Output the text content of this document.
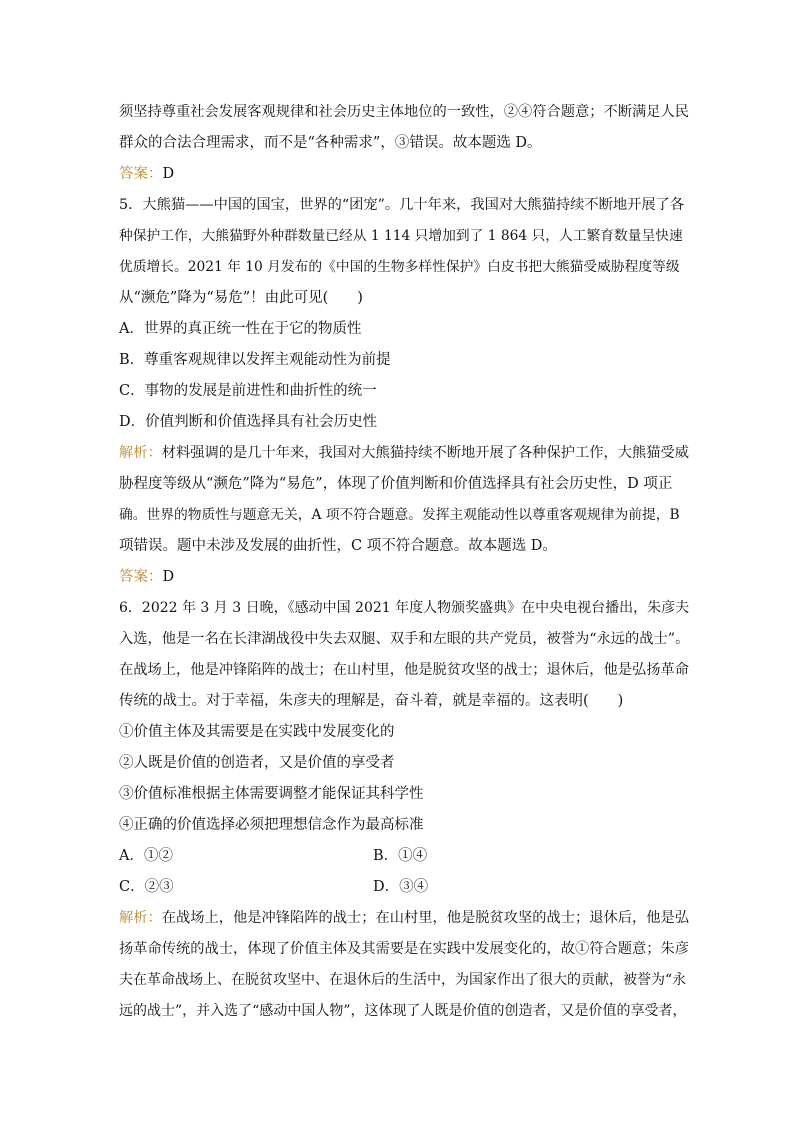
须坚持尊重社会发展客观规律和社会历史主体地位的一致性，②④符合题意；不断满足人民
群众的合法合理需求，而不是“各种需求”，③错误。故本题选 D。
答案：D
5．大熊猫——中国的国宝，世界的“团宠”。几十年来，我国对大熊猫持续不断地开展了各
种保护工作，大熊猫野外种群数量已经从 1 114 只增加到了 1 864 只，人工繁育数量呈快速
优质增长。2021 年 10 月发布的《中国的生物多样性保护》白皮书把大熊猫受威胁程度等级
从“濒危”降为“易危”！由此可见(　　)
A．世界的真正统一性在于它的物质性
B．尊重客观规律以发挥主观能动性为前提
C．事物的发展是前进性和曲折性的统一
D．价值判断和价值选择具有社会历史性
解析：材料强调的是几十年来，我国对大熊猫持续不断地开展了各种保护工作，大熊猫受威
胁程度等级从“濒危”降为“易危”，体现了价值判断和价值选择具有社会历史性，D 项正
确。世界的物质性与题意无关，A 项不符合题意。发挥主观能动性以尊重客观规律为前提，B
项错误。题中未涉及发展的曲折性，C 项不符合题意。故本题选 D。
答案：D
6．2022 年 3 月 3 日晚，《感动中国 2021 年度人物颁奖盛典》在中央电视台播出，朱彦夫
入选，他是一名在长津湖战役中失去双腿、双手和左眼的共产党员，被誉为“永远的战士”。
在战场上，他是冲锋陷阵的战士；在山村里，他是脱贫攻坚的战士；退休后，他是弘扬革命
传统的战士。对于幸福，朱彦夫的理解是，奋斗着，就是幸福的。这表明(　　)
①价值主体及其需要是在实践中发展变化的
②人既是价值的创造者，又是价值的享受者
③价值标准根据主体需要调整才能保证其科学性
④正确的价值选择必须把理想信念作为最高标准
A．①②	B．①④
C．②③	D．③④
解析：在战场上，他是冲锋陷阵的战士；在山村里，他是脱贫攻坚的战士；退休后，他是弘
扬革命传统的战士，体现了价值主体及其需要是在实践中发展变化的，故①符合题意；朱彦
夫在革命战场上、在脱贫攻坚中、在退休后的生活中，为国家作出了很大的贡献，被誉为“永
远的战士”，并入选了“感动中国人物”，这体现了人既是价值的创造者，又是价值的享受者，
